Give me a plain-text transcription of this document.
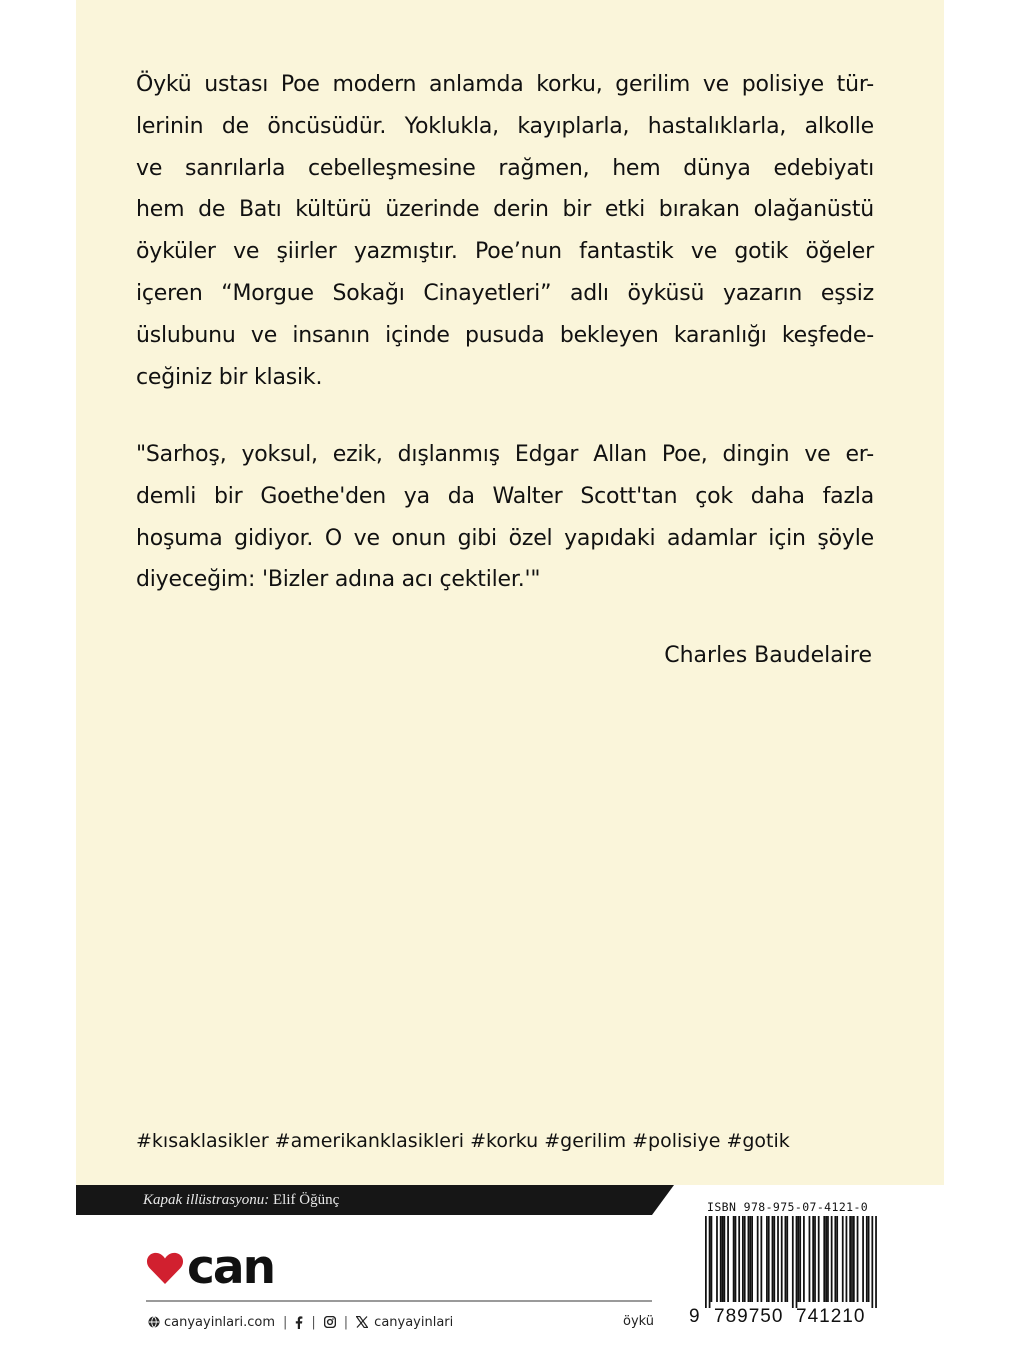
Öykü ustası Poe modern anlamda korku, gerilim ve polisiye tür-
lerinin de öncüsüdür. Yoklukla, kayıplarla, hastalıklarla, alkolle
ve sanrılarla cebelleşmesine rağmen, hem dünya edebiyatı
hem de Batı kültürü üzerinde derin bir etki bırakan olağanüstü
öyküler ve şiirler yazmıştır. Poe’nun fantastik ve gotik öğeler
içeren “Morgue Sokağı Cinayetleri” adlı öyküsü yazarın eşsiz
üslubunu ve insanın içinde pusuda bekleyen karanlığı keşfede-
ceğiniz bir klasik.
"Sarhoş, yoksul, ezik, dışlanmış Edgar Allan Poe, dingin ve er-
demli bir Goethe'den ya da Walter Scott'tan çok daha fazla
hoşuma gidiyor. O ve onun gibi özel yapıdaki adamlar için şöyle
diyeceğim: 'Bizler adına acı çektiler.'"
Charles Baudelaire
#kısaklasikler #amerikanklasikleri #korku #gerilim #polisiye #gotik
Kapak illüstrasyonu: Elif Öğünç
can
canyayinlari.com | | | canyayinlari	öykü
ISBN 978-975-07-4121-0
9 789750 741210
